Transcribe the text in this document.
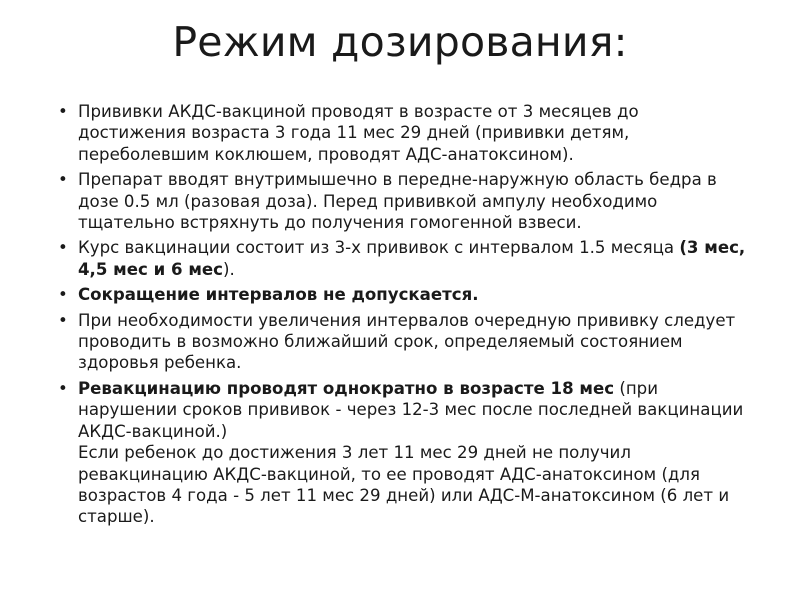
Режим дозирования:
• Прививки АКДС-вакциной проводят в возрасте от 3 месяцев до достижения возраста 3 года 11 мес 29 дней (прививки детям, переболевшим коклюшем, проводят АДС-анатоксином).
• Препарат вводят внутримышечно в передне-наружную область бедра в дозе 0.5 мл (разовая доза). Перед прививкой ампулу необходимо тщательно встряхнуть до получения гомогенной взвеси.
• Курс вакцинации состоит из 3-х прививок с интервалом 1.5 месяца (3 мес, 4,5 мес и 6 мес).
• Сокращение интервалов не допускается.
• При необходимости увеличения интервалов очередную прививку следует проводить в возможно ближайший срок, определяемый состоянием здоровья ребенка.
• Ревакцинацию проводят однократно в возрасте 18 мес (при нарушении сроков прививок - через 12-3 мес после последней вакцинации АКДС-вакциной.)
Если ребенок до достижения 3 лет 11 мес 29 дней не получил ревакцинацию АКДС-вакциной, то ее проводят АДС-анатоксином (для возрастов 4 года - 5 лет 11 мес 29 дней) или АДС-М-анатоксином (6 лет и старше).
